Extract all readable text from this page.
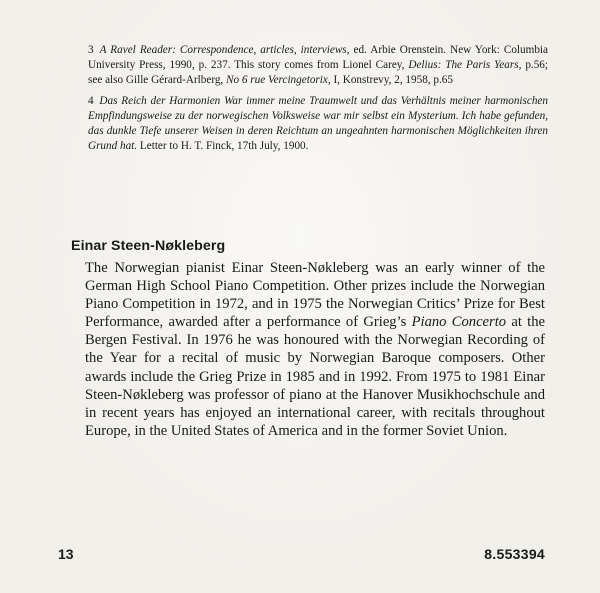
3 A Ravel Reader: Correspondence, articles, interviews, ed. Arbie Orenstein. New York: Columbia University Press, 1990, p. 237. This story comes from Lionel Carey, Delius: The Paris Years, p.56; see also Gille Gérard-Arlberg, No 6 rue Vercingetorix, I, Konstrevy, 2, 1958, p.65

4 Das Reich der Harmonien War immer meine Traumwelt und das Verhältnis meiner harmonischen Empfindungsweise zu der norwegischen Volksweise war mir selbst ein Mysterium. Ich habe gefunden, das dunkle Tiefe unserer Weisen in deren Reichtum an ungeahnten harmonischen Möglichkeiten ihren Grund hat. Letter to H. T. Finck, 17th July, 1900.

Einar Steen-Nøkleberg

The Norwegian pianist Einar Steen-Nøkleberg was an early winner of the German High School Piano Competition. Other prizes include the Norwegian Piano Competition in 1972, and in 1975 the Norwegian Critics’ Prize for Best Performance, awarded after a performance of Grieg’s Piano Concerto at the Bergen Festival. In 1976 he was honoured with the Norwegian Recording of the Year for a recital of music by Norwegian Baroque composers. Other awards include the Grieg Prize in 1985 and in 1992. From 1975 to 1981 Einar Steen-Nøkleberg was professor of piano at the Hanover Musikhochschule and in recent years has enjoyed an international career, with recitals throughout Europe, in the United States of America and in the former Soviet Union.

13	8.553394
